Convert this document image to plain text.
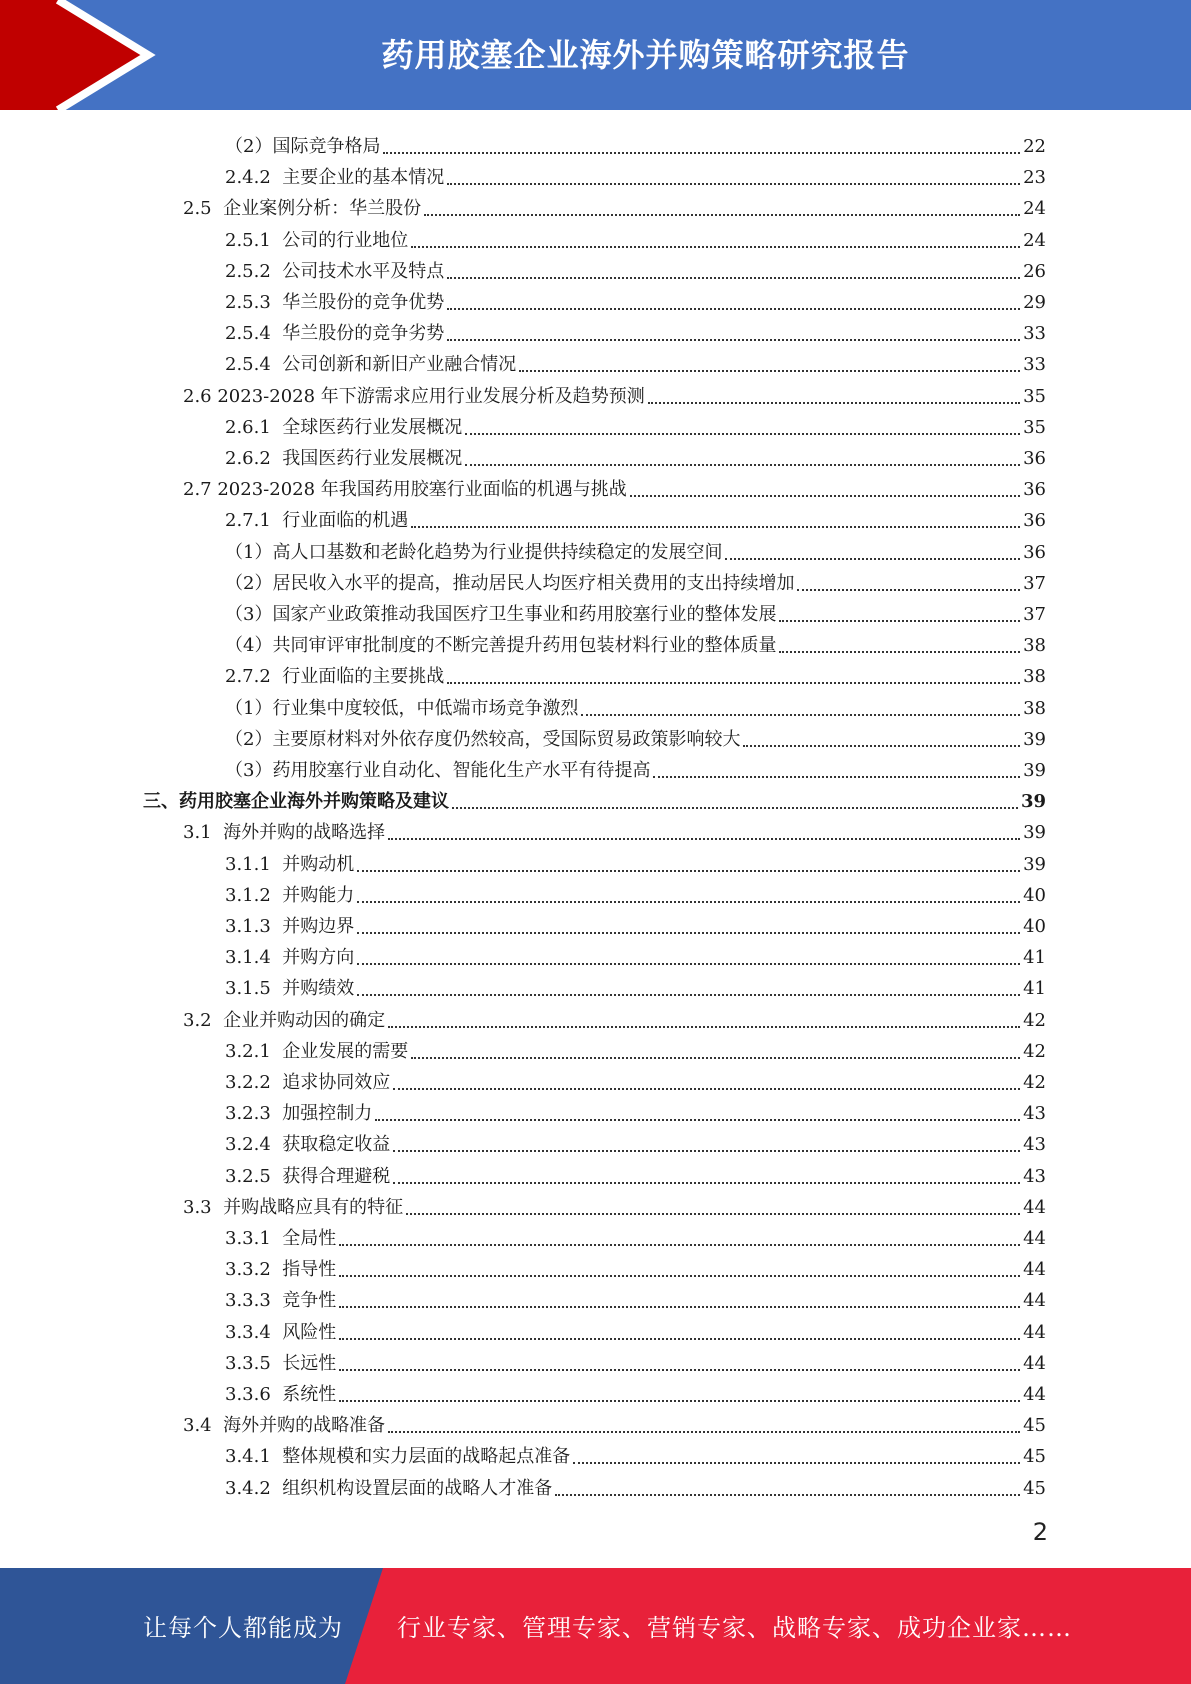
药用胶塞企业海外并购策略研究报告
（2）国际竞争格局	22
2.4.2  主要企业的基本情况	23
2.5  企业案例分析：华兰股份	24
2.5.1  公司的行业地位	24
2.5.2  公司技术水平及特点	26
2.5.3  华兰股份的竞争优势	29
2.5.4  华兰股份的竞争劣势	33
2.5.4  公司创新和新旧产业融合情况	33
2.6 2023-2028 年下游需求应用行业发展分析及趋势预测	35
2.6.1  全球医药行业发展概况	35
2.6.2  我国医药行业发展概况	36
2.7 2023-2028 年我国药用胶塞行业面临的机遇与挑战	36
2.7.1  行业面临的机遇	36
（1）高人口基数和老龄化趋势为行业提供持续稳定的发展空间	36
（2）居民收入水平的提高，推动居民人均医疗相关费用的支出持续增加	37
（3）国家产业政策推动我国医疗卫生事业和药用胶塞行业的整体发展	37
（4）共同审评审批制度的不断完善提升药用包装材料行业的整体质量	38
2.7.2  行业面临的主要挑战	38
（1）行业集中度较低，中低端市场竞争激烈	38
（2）主要原材料对外依存度仍然较高，受国际贸易政策影响较大	39
（3）药用胶塞行业自动化、智能化生产水平有待提高	39
三、药用胶塞企业海外并购策略及建议	39
3.1  海外并购的战略选择	39
3.1.1  并购动机	39
3.1.2  并购能力	40
3.1.3  并购边界	40
3.1.4  并购方向	41
3.1.5  并购绩效	41
3.2  企业并购动因的确定	42
3.2.1  企业发展的需要	42
3.2.2  追求协同效应	42
3.2.3  加强控制力	43
3.2.4  获取稳定收益	43
3.2.5  获得合理避税	43
3.3  并购战略应具有的特征	44
3.3.1  全局性	44
3.3.2  指导性	44
3.3.3  竞争性	44
3.3.4  风险性	44
3.3.5  长远性	44
3.3.6  系统性	44
3.4  海外并购的战略准备	45
3.4.1  整体规模和实力层面的战略起点准备	45
3.4.2  组织机构设置层面的战略人才准备	45
2
让每个人都能成为 行业专家、管理专家、营销专家、战略专家、成功企业家……
